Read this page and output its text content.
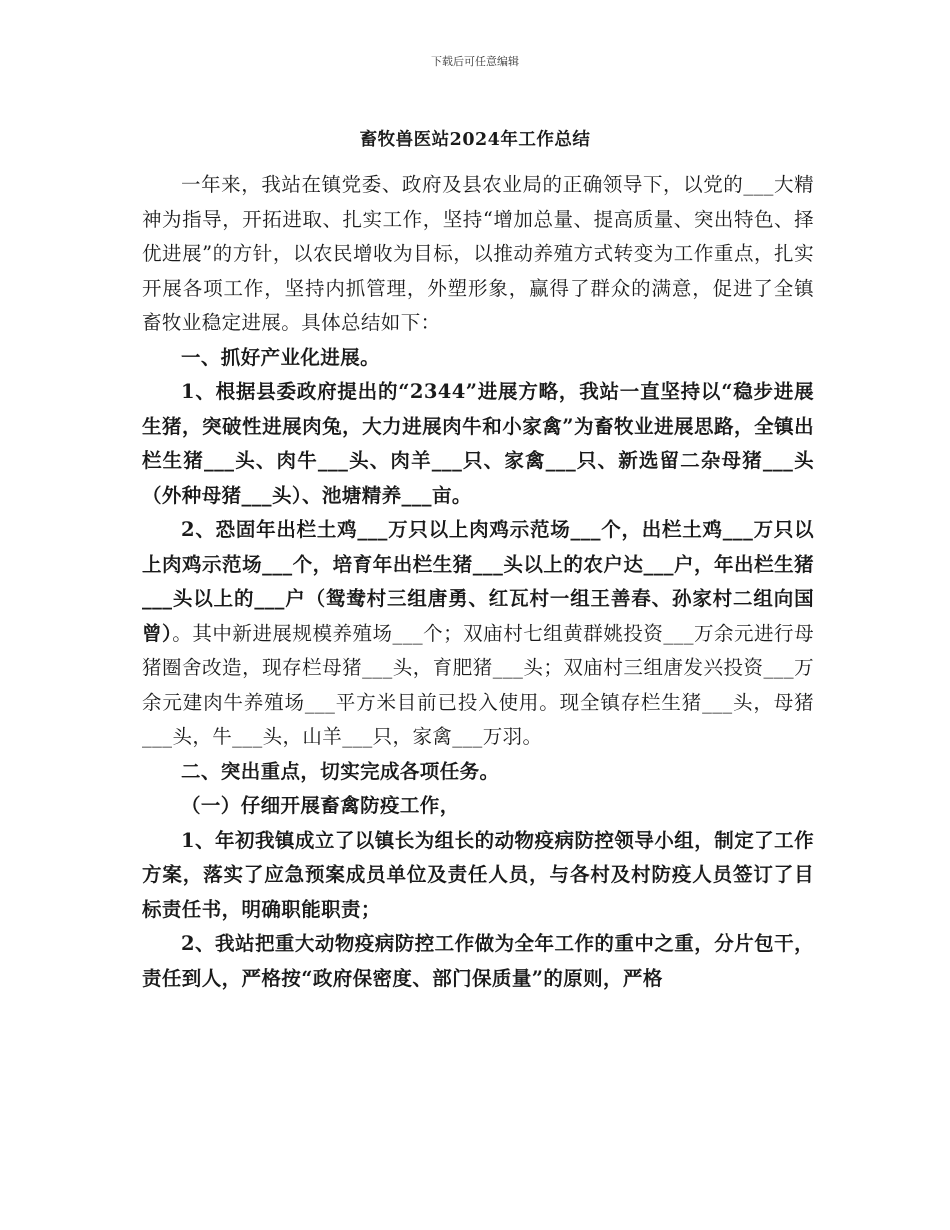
下载后可任意编辑
畜牧兽医站2024年工作总结

一年来，我站在镇党委、政府及县农业局的正确领导下，以党的___大精神为指导，开拓进取、扎实工作，坚持“增加总量、提高质量、突出特色、择优进展”的方针，以农民增收为目标，以推动养殖方式转变为工作重点，扎实开展各项工作，坚持内抓管理，外塑形象，赢得了群众的满意，促进了全镇畜牧业稳定进展。具体总结如下：

一、抓好产业化进展。

1、根据县委政府提出的“2344”进展方略，我站一直坚持以“稳步进展生猪，突破性进展肉兔，大力进展肉牛和小家禽”为畜牧业进展思路，全镇出栏生猪___头、肉牛___头、肉羊___只、家禽___只、新选留二杂母猪___头（外种母猪___头）、池塘精养___亩。

2、恐固年出栏土鸡___万只以上肉鸡示范场___个，出栏土鸡___万只以上肉鸡示范场___个，培育年出栏生猪___头以上的农户达___户，年出栏生猪___头以上的___户（鸳鸯村三组唐勇、红瓦村一组王善春、孙家村二组向国曾）。其中新进展规模养殖场___个；双庙村七组黄群姚投资___万余元进行母猪圈舍改造，现存栏母猪___头，育肥猪___头；双庙村三组唐发兴投资___万余元建肉牛养殖场___平方米目前已投入使用。现全镇存栏生猪___头，母猪___头，牛___头，山羊___只，家禽___万羽。

二、突出重点，切实完成各项任务。

（一）仔细开展畜禽防疫工作，

1、年初我镇成立了以镇长为组长的动物疫病防控领导小组，制定了工作方案，落实了应急预案成员单位及责任人员，与各村及村防疫人员签订了目标责任书，明确职能职责；

2、我站把重大动物疫病防控工作做为全年工作的重中之重，分片包干，责任到人，严格按“政府保密度、部门保质量”的原则，严格
